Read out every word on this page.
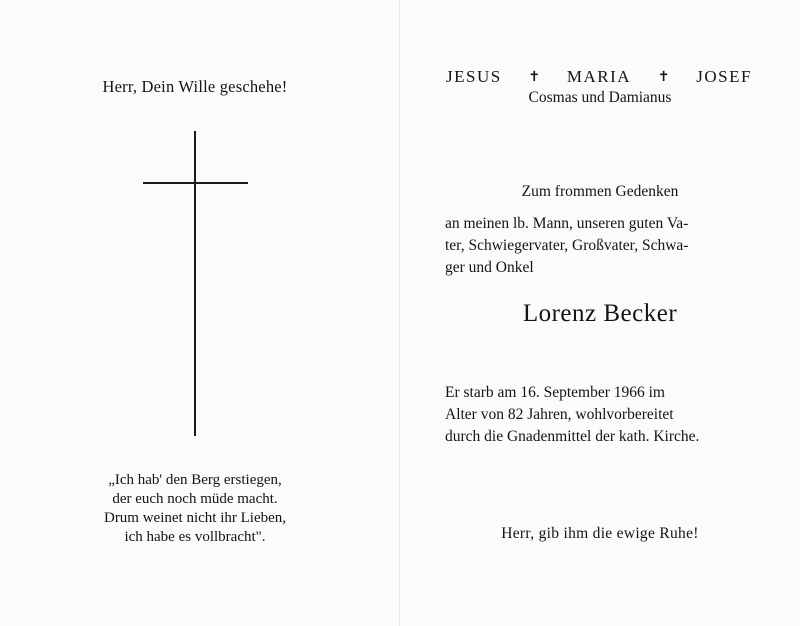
Herr, Dein Wille geschehe!
„Ich hab' den Berg erstiegen,
der euch noch müde macht.
Drum weinet nicht ihr Lieben,
ich habe es vollbracht".
JESUS ✝ MARIA ✝ JOSEF
Cosmas und Damianus
Zum frommen Gedenken
an meinen lb. Mann, unseren guten Va-
ter, Schwiegervater, Großvater, Schwa-
ger und Onkel
Lorenz Becker
Er starb am 16. September 1966 im
Alter von 82 Jahren, wohlvorbereitet
durch die Gnadenmittel der kath. Kirche.
Herr, gib ihm die ewige Ruhe!
